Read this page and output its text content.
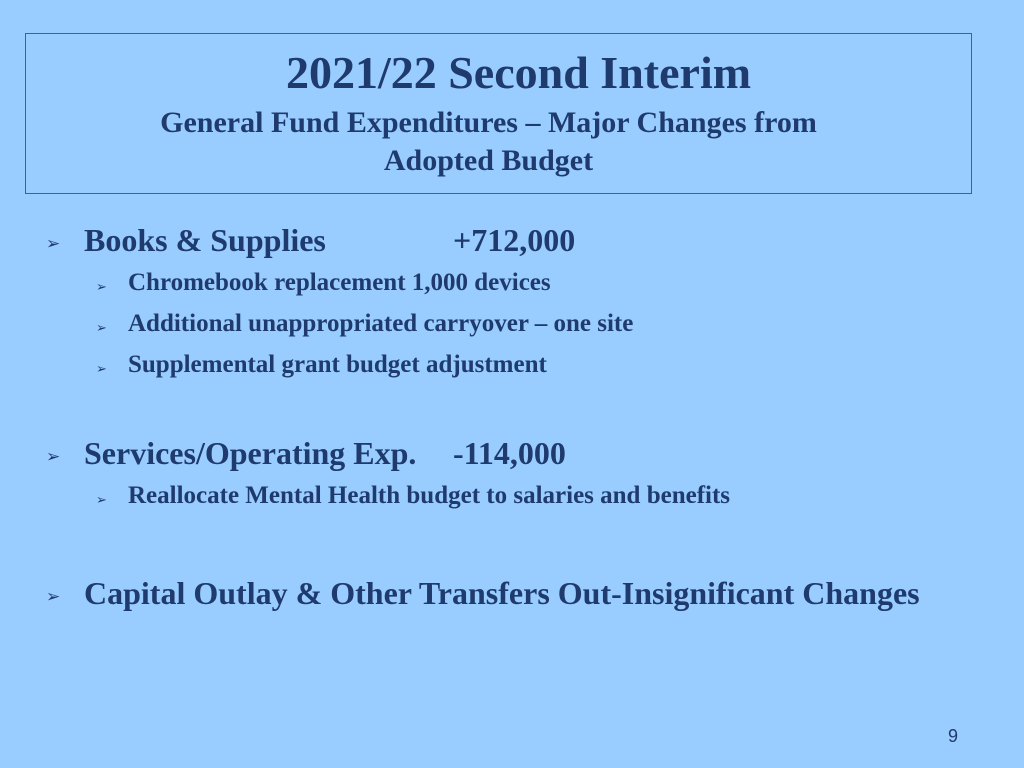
2021/22 Second Interim
General Fund Expenditures – Major Changes from
Adopted Budget
➢ Books & Supplies	+712,000
➢ Chromebook replacement 1,000 devices
➢ Additional unappropriated carryover – one site
➢ Supplemental grant budget adjustment
➢ Services/Operating Exp. -114,000
➢ Reallocate Mental Health budget to salaries and benefits
➢ Capital Outlay & Other Transfers Out-Insignificant Changes
9
